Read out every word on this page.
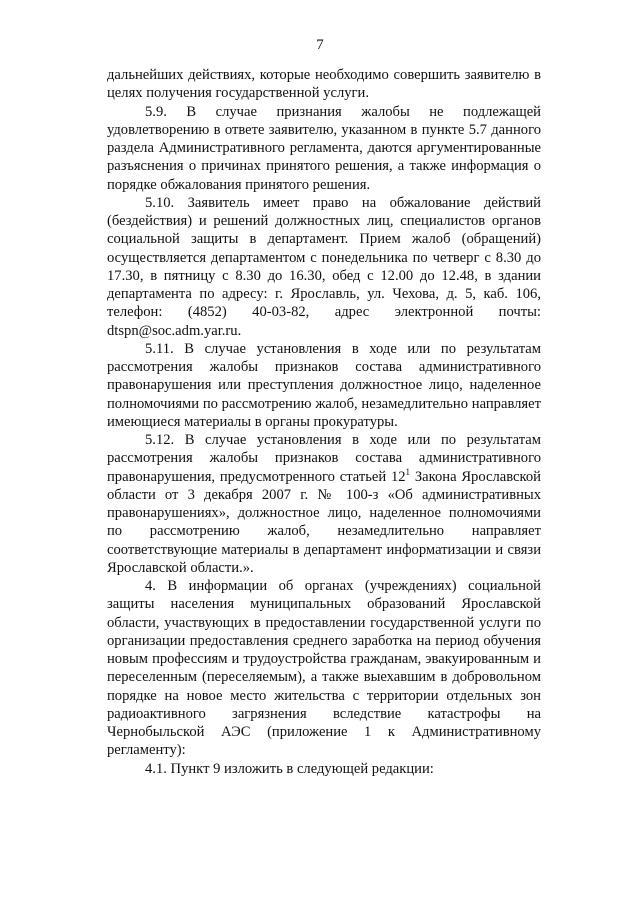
7

дальнейших действиях, которые необходимо совершить заявителю в целях получения государственной услуги.

5.9. В случае признания жалобы не подлежащей удовлетворению в ответе заявителю, указанном в пункте 5.7 данного раздела Административного регламента, даются аргументированные разъяснения о причинах принятого решения, а также информация о порядке обжалования принятого решения.

5.10. Заявитель имеет право на обжалование действий (бездействия) и решений должностных лиц, специалистов органов социальной защиты в департамент. Прием жалоб (обращений) осуществляется департаментом с понедельника по четверг с 8.30 до 17.30, в пятницу с 8.30 до 16.30, обед с 12.00 до 12.48, в здании департамента по адресу: г. Ярославль, ул. Чехова, д. 5, каб. 106, телефон: (4852) 40-03-82, адрес электронной почты: dtspn@soc.adm.yar.ru.

5.11. В случае установления в ходе или по результатам рассмотрения жалобы признаков состава административного правонарушения или преступления должностное лицо, наделенное полномочиями по рассмотрению жалоб, незамедлительно направляет имеющиеся материалы в органы прокуратуры.

5.12. В случае установления в ходе или по результатам рассмотрения жалобы признаков состава административного правонарушения, предусмотренного статьей $12^1$ Закона Ярославской области от 3 декабря 2007 г. № 100-з «Об административных правонарушениях», должностное лицо, наделенное полномочиями по рассмотрению жалоб, незамедлительно направляет соответствующие материалы в департамент информатизации и связи Ярославской области.».

4. В информации об органах (учреждениях) социальной защиты населения муниципальных образований Ярославской области, участвующих в предоставлении государственной услуги по организации предоставления среднего заработка на период обучения новым профессиям и трудоустройства гражданам, эвакуированным и переселенным (переселяемым), а также выехавшим в добровольном порядке на новое место жительства с территории отдельных зон радиоактивного загрязнения вследствие катастрофы на Чернобыльской АЭС (приложение 1 к Административному регламенту):

4.1. Пункт 9 изложить в следующей редакции:
